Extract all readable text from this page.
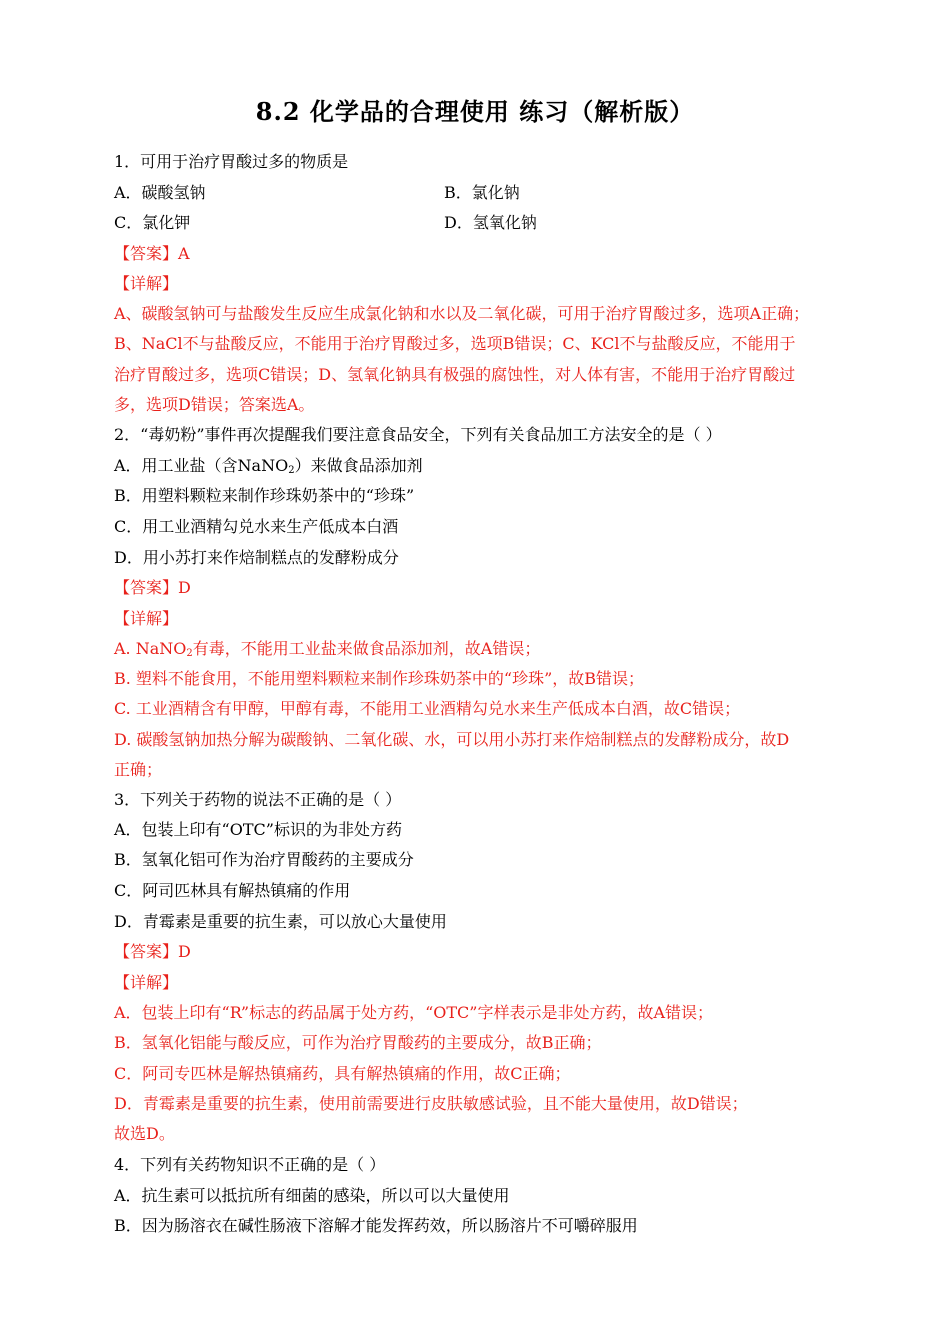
8.2 化学品的合理使用 练习（解析版）
1．可用于治疗胃酸过多的物质是
A．碳酸氢钠	B．氯化钠
C．氯化钾	D．氢氧化钠
【答案】A
【详解】
A、碳酸氢钠可与盐酸发生反应生成氯化钠和水以及二氧化碳，可用于治疗胃酸过多，选项A正确；
B、NaCl不与盐酸反应，不能用于治疗胃酸过多，选项B错误；C、KCl不与盐酸反应，不能用于
治疗胃酸过多，选项C错误；D、氢氧化钠具有极强的腐蚀性，对人体有害，不能用于治疗胃酸过
多，选项D错误；答案选A。
2．“毒奶粉”事件再次提醒我们要注意食品安全，下列有关食品加工方法安全的是（ ）
A．用工业盐（含NaNO$_2$）来做食品添加剂
B．用塑料颗粒来制作珍珠奶茶中的“珍珠”
C．用工业酒精勾兑水来生产低成本白酒
D．用小苏打来作焙制糕点的发酵粉成分
【答案】D
【详解】
A. NaNO$_2$有毒，不能用工业盐来做食品添加剂，故A错误；
B. 塑料不能食用，不能用塑料颗粒来制作珍珠奶茶中的“珍珠”，故B错误；
C. 工业酒精含有甲醇，甲醇有毒，不能用工业酒精勾兑水来生产低成本白酒，故C错误；
D. 碳酸氢钠加热分解为碳酸钠、二氧化碳、水，可以用小苏打来作焙制糕点的发酵粉成分，故D
正确；
3．下列关于药物的说法不正确的是（ ）
A．包装上印有“OTC”标识的为非处方药
B．氢氧化铝可作为治疗胃酸药的主要成分
C．阿司匹林具有解热镇痛的作用
D．青霉素是重要的抗生素，可以放心大量使用
【答案】D
【详解】
A．包装上印有“R”标志的药品属于处方药，“OTC”字样表示是非处方药，故A错误；
B．氢氧化铝能与酸反应，可作为治疗胃酸药的主要成分，故B正确；
C．阿司专匹林是解热镇痛药，具有解热镇痛的作用，故C正确；
D．青霉素是重要的抗生素，使用前需要进行皮肤敏感试验，且不能大量使用，故D错误；
故选D。
4．下列有关药物知识不正确的是（ ）
A．抗生素可以抵抗所有细菌的感染，所以可以大量使用
B．因为肠溶衣在碱性肠液下溶解才能发挥药效，所以肠溶片不可嚼碎服用
